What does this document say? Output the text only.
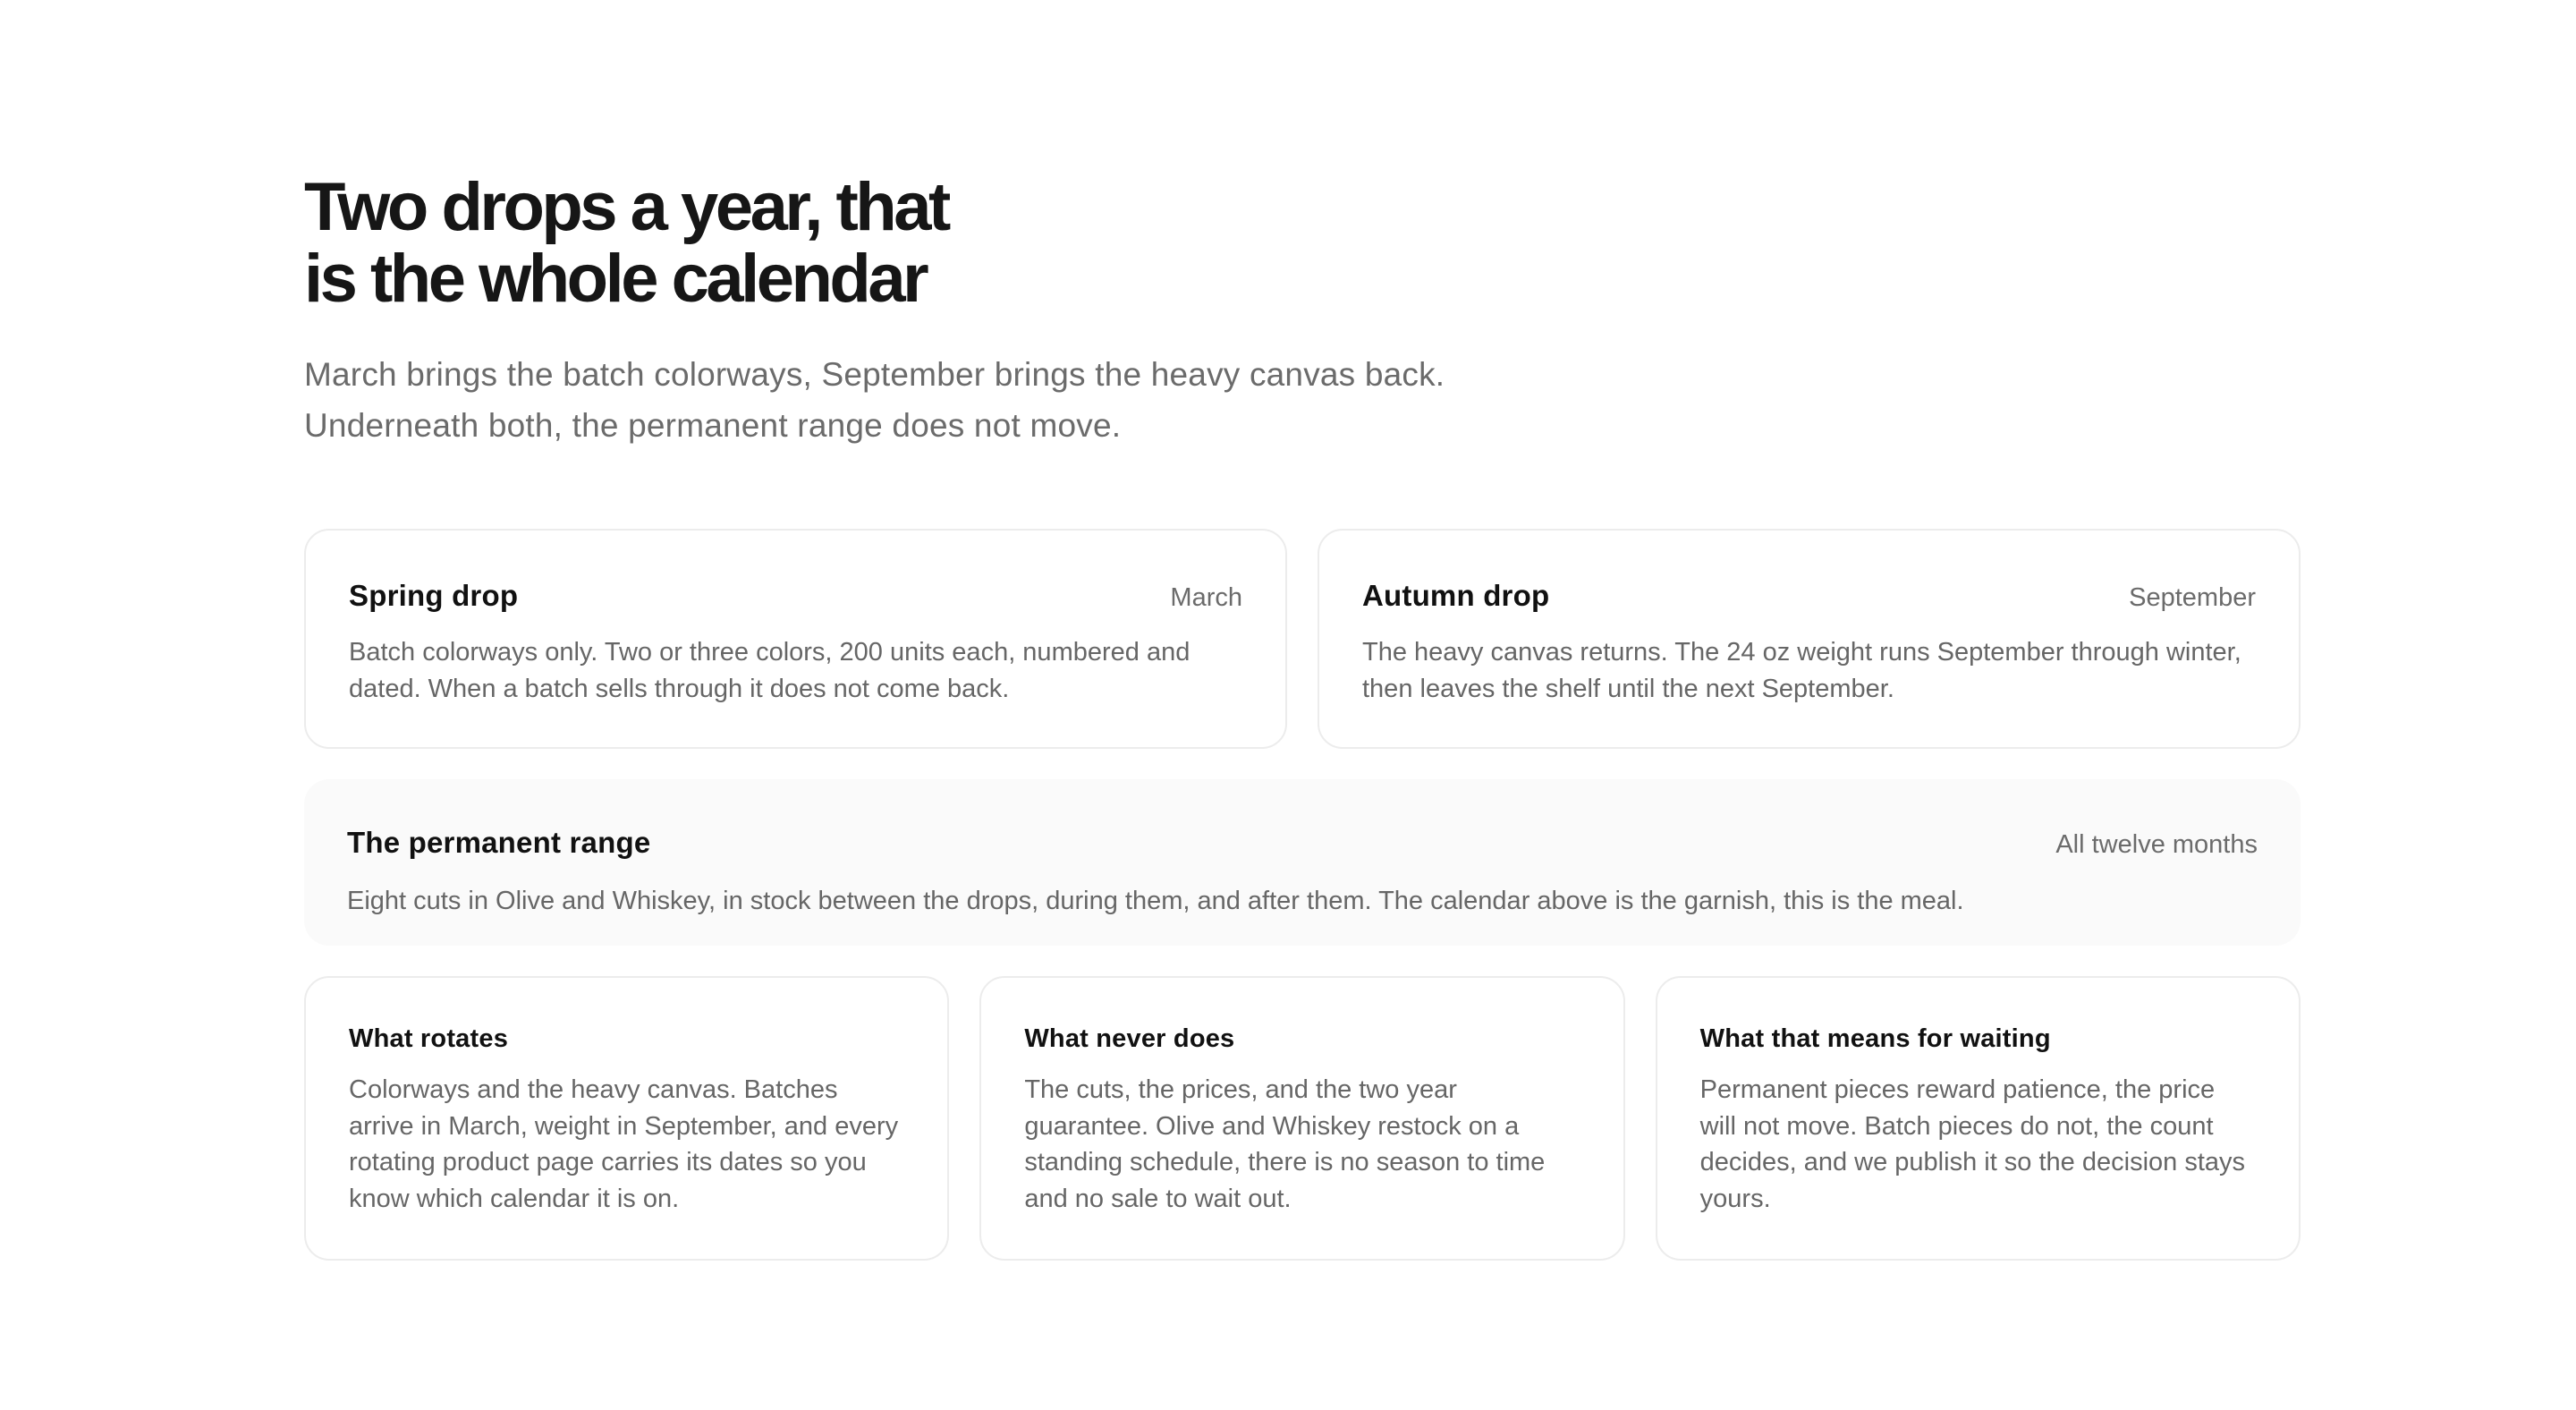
Two drops a year, that
is the whole calendar

March brings the batch colorways, September brings the heavy canvas back.
Underneath both, the permanent range does not move.

Spring drop	March
Batch colorways only. Two or three colors, 200 units each, numbered and dated. When a batch sells through it does not come back.
Autumn drop	September
The heavy canvas returns. The 24 oz weight runs September through winter, then leaves the shelf until the next September.
The permanent range	All twelve months
Eight cuts in Olive and Whiskey, in stock between the drops, during them, and after them. The calendar above is the garnish, this is the meal.
What rotates
Colorways and the heavy canvas. Batches arrive in March, weight in September, and every rotating product page carries its dates so you know which calendar it is on.
What never does
The cuts, the prices, and the two year guarantee. Olive and Whiskey restock on a standing schedule, there is no season to time and no sale to wait out.
What that means for waiting
Permanent pieces reward patience, the price will not move. Batch pieces do not, the count decides, and we publish it so the decision stays yours.
